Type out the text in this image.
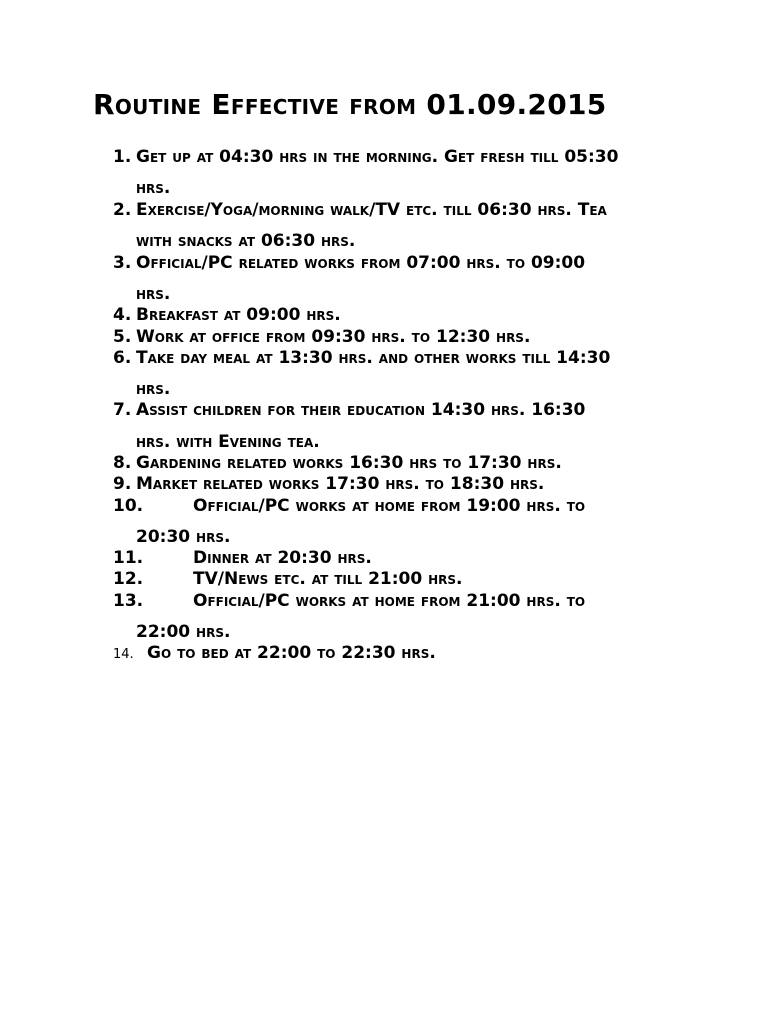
Routine Effective from 01.09.2015
1. Get up at 04:30 hrs in the morning. Get fresh till 05:30
hrs.
2. Exercise/Yoga/morning walk/TV etc. till 06:30 hrs. Tea
with snacks at 06:30 hrs.
3. Official/PC related works from 07:00 hrs. to 09:00
hrs.
4. Breakfast at 09:00 hrs.
5. Work at office from 09:30 hrs. to 12:30 hrs.
6. Take day meal at 13:30 hrs. and other works till 14:30
hrs.
7. Assist children for their education 14:30 hrs. 16:30
hrs. with Evening tea.
8. Gardening related works 16:30 hrs to 17:30 hrs.
9. Market related works 17:30 hrs. to 18:30 hrs.
10.	Official/PC works at home from 19:00 hrs. to
20:30 hrs.
11.	Dinner at 20:30 hrs.
12.	TV/News etc. at till 21:00 hrs.
13.	Official/PC works at home from 21:00 hrs. to
22:00 hrs.
14. Go to bed at 22:00 to 22:30 hrs.
